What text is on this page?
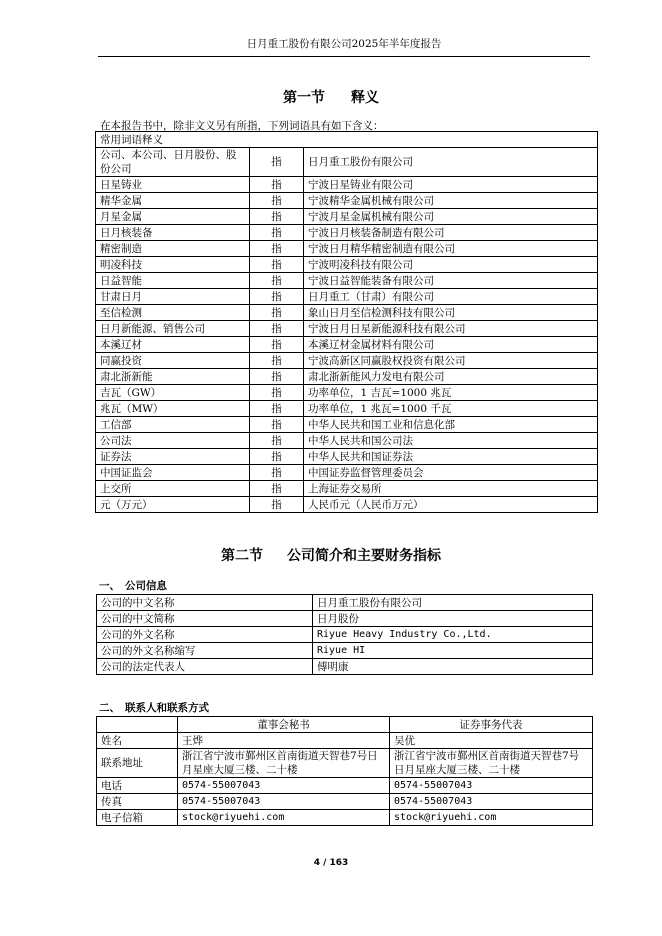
日月重工股份有限公司2025年半年度报告
第一节 释义
在本报告书中，除非文义另有所指，下列词语具有如下含义：
常用词语释义		
公司、本公司、日月股份、股份公司	指	日月重工股份有限公司
日星铸业	指	宁波日星铸业有限公司
精华金属	指	宁波精华金属机械有限公司
月星金属	指	宁波月星金属机械有限公司
日月核装备	指	宁波日月核装备制造有限公司
精密制造	指	宁波日月精华精密制造有限公司
明凌科技	指	宁波明凌科技有限公司
日益智能	指	宁波日益智能装备有限公司
甘肃日月	指	日月重工（甘肃）有限公司
至信检测	指	象山日月至信检测科技有限公司
日月新能源、销售公司	指	宁波日月日星新能源科技有限公司
本溪辽材	指	本溪辽材金属材料有限公司
同赢投资	指	宁波高新区同赢股权投资有限公司
肃北浙新能	指	肃北浙新能风力发电有限公司
吉瓦（GW）	指	功率单位，1 吉瓦=1000 兆瓦
兆瓦（MW）	指	功率单位，1 兆瓦=1000 千瓦
工信部	指	中华人民共和国工业和信息化部
公司法	指	中华人民共和国公司法
证券法	指	中华人民共和国证券法
中国证监会	指	中国证券监督管理委员会
上交所	指	上海证券交易所
元（万元）	指	人民币元（人民币万元）
第二节 公司简介和主要财务指标
一、 公司信息
公司的中文名称	日月重工股份有限公司
公司的中文简称	日月股份
公司的外文名称	Riyue Heavy Industry Co.,Ltd.
公司的外文名称缩写	Riyue HI
公司的法定代表人	傅明康
二、 联系人和联系方式
	董事会秘书	证券事务代表
姓名	王烨	吴优
联系地址	浙江省宁波市鄞州区首南街道天智巷7号日月星座大厦三楼、二十楼	浙江省宁波市鄞州区首南街道天智巷7号日月星座大厦三楼、二十楼
电话	0574-55007043	0574-55007043
传真	0574-55007043	0574-55007043
电子信箱	stock@riyuehi.com	stock@riyuehi.com
4 / 163
